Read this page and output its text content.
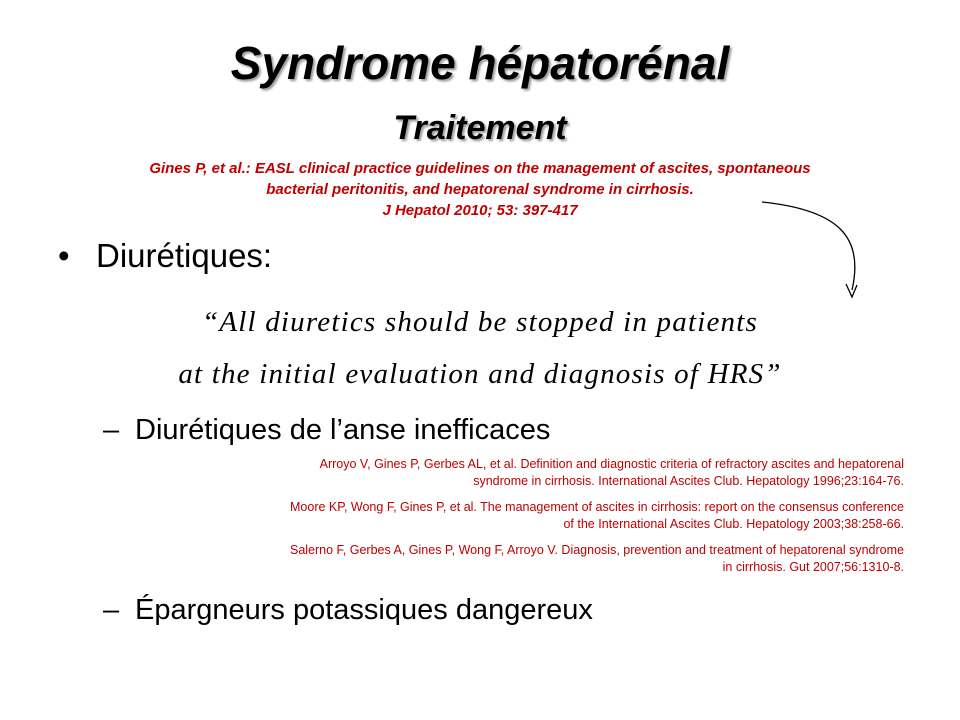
Syndrome hépatorénal
Traitement
Gines P, et al.: EASL clinical practice guidelines on the management of ascites, spontaneous
bacterial peritonitis, and hepatorenal syndrome in cirrhosis.
J Hepatol 2010; 53: 397-417
• Diurétiques:
“All diuretics should be stopped in patients
at the initial evaluation and diagnosis of HRS”
– Diurétiques de l’anse inefficaces
Arroyo V, Gines P, Gerbes AL, et al. Definition and diagnostic criteria of refractory ascites and hepatorenal
syndrome in cirrhosis. International Ascites Club. Hepatology 1996;23:164-76.
Moore KP, Wong F, Gines P, et al. The management of ascites in cirrhosis: report on the consensus conference
of the International Ascites Club. Hepatology 2003;38:258-66.
Salerno F, Gerbes A, Gines P, Wong F, Arroyo V. Diagnosis, prevention and treatment of hepatorenal syndrome
in cirrhosis. Gut 2007;56:1310-8.
– Épargneurs potassiques dangereux
